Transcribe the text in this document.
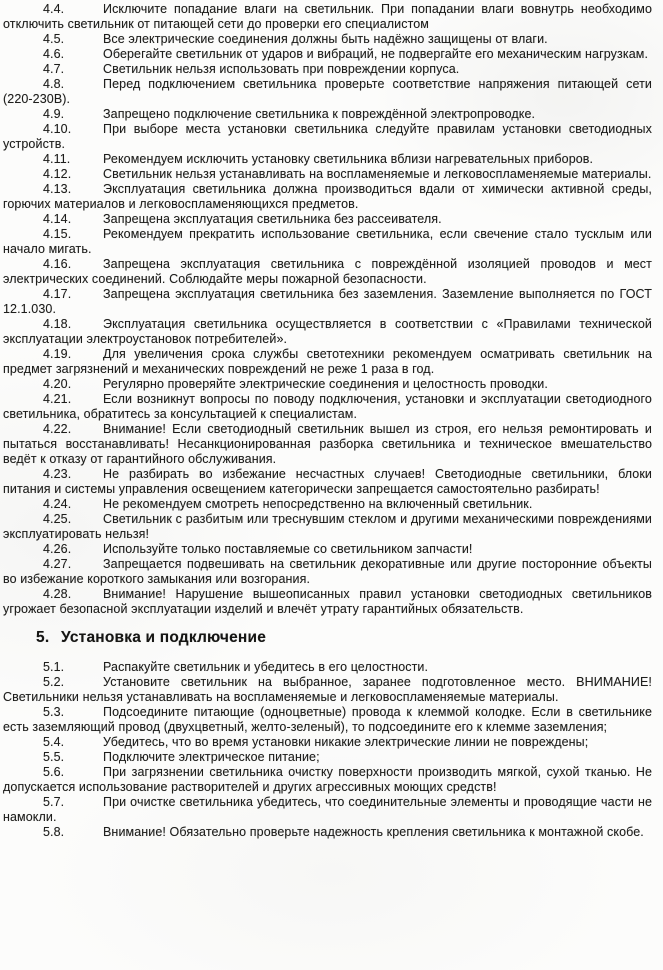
4.4.	Исключите попадание влаги на светильник. При попадании влаги вовнутрь необходимо отключить светильник от питающей сети до проверки его специалистом

4.5.	Все электрические соединения должны быть надёжно защищены от влаги.

4.6.	Оберегайте светильник от ударов и вибраций, не подвергайте его механическим нагрузкам.

4.7.	Светильник нельзя использовать при повреждении корпуса.

4.8.	Перед подключением светильника проверьте соответствие напряжения питающей сети (220-230В).

4.9.	Запрещено подключение светильника к повреждённой электропроводке.

4.10.	При выборе места установки светильника следуйте правилам установки светодиодных устройств.

4.11.	Рекомендуем исключить установку светильника вблизи нагревательных приборов.

4.12.	Светильник нельзя устанавливать на воспламеняемые и легковоспламеняемые материалы.

4.13.	Эксплуатация светильника должна производиться вдали от химически активной среды, горючих материалов и легковоспламеняющихся предметов.

4.14.	Запрещена эксплуатация светильника без рассеивателя.

4.15.	Рекомендуем прекратить использование светильника, если свечение стало тусклым или начало мигать.

4.16.	Запрещена эксплуатация светильника с повреждённой изоляцией проводов и мест электрических соединений. Соблюдайте меры пожарной безопасности.

4.17.	Запрещена эксплуатация светильника без заземления. Заземление выполняется по ГОСТ 12.1.030.

4.18.	Эксплуатация светильника осуществляется в соответствии с «Правилами технической эксплуатации электроустановок потребителей».

4.19.	Для увеличения срока службы светотехники рекомендуем осматривать светильник на предмет загрязнений и механических повреждений не реже 1 раза в год.

4.20.	Регулярно проверяйте электрические соединения и целостность проводки.

4.21.	Если возникнут вопросы по поводу подключения, установки и эксплуатации светодиодного светильника, обратитесь за консультацией к специалистам.

4.22.	Внимание! Если светодиодный светильник вышел из строя, его нельзя ремонтировать и пытаться восстанавливать! Несанкционированная разборка светильника и техническое вмешательство ведёт к отказу от гарантийного обслуживания.

4.23.	Не разбирать во избежание несчастных случаев! Светодиодные светильники, блоки питания и системы управления освещением категорически запрещается самостоятельно разбирать!

4.24.	Не рекомендуем смотреть непосредственно на включенный светильник.

4.25.	Светильник с разбитым или треснувшим стеклом и другими механическими повреждениями эксплуатировать нельзя!

4.26.	Используйте только поставляемые со светильником запчасти!

4.27.	Запрещается подвешивать на светильник декоративные или другие посторонние объекты во избежание короткого замыкания или возгорания.

4.28.	Внимание! Нарушение вышеописанных правил установки светодиодных светильников угрожает безопасной эксплуатации изделий и влечёт утрату гарантийных обязательств.

5. Установка и подключение

5.1.	Распакуйте светильник и убедитесь в его целостности.

5.2.	Установите светильник на выбранное, заранее подготовленное место. ВНИМАНИЕ! Светильники нельзя устанавливать на воспламеняемые и легковоспламеняемые материалы.

5.3.	Подсоедините питающие (одноцветные) провода к клеммой колодке. Если в светильнике есть заземляющий провод (двухцветный, желто-зеленый), то подсоедините его к клемме заземления;

5.4.	Убедитесь, что во время установки никакие электрические линии не повреждены;

5.5.	Подключите электрическое питание;

5.6.	При загрязнении светильника очистку поверхности производить мягкой, сухой тканью. Не допускается использование растворителей и других агрессивных моющих средств!

5.7.	При очистке светильника убедитесь, что соединительные элементы и проводящие части не намокли.

5.8.	Внимание! Обязательно проверьте надежность крепления светильника к монтажной скобе.
